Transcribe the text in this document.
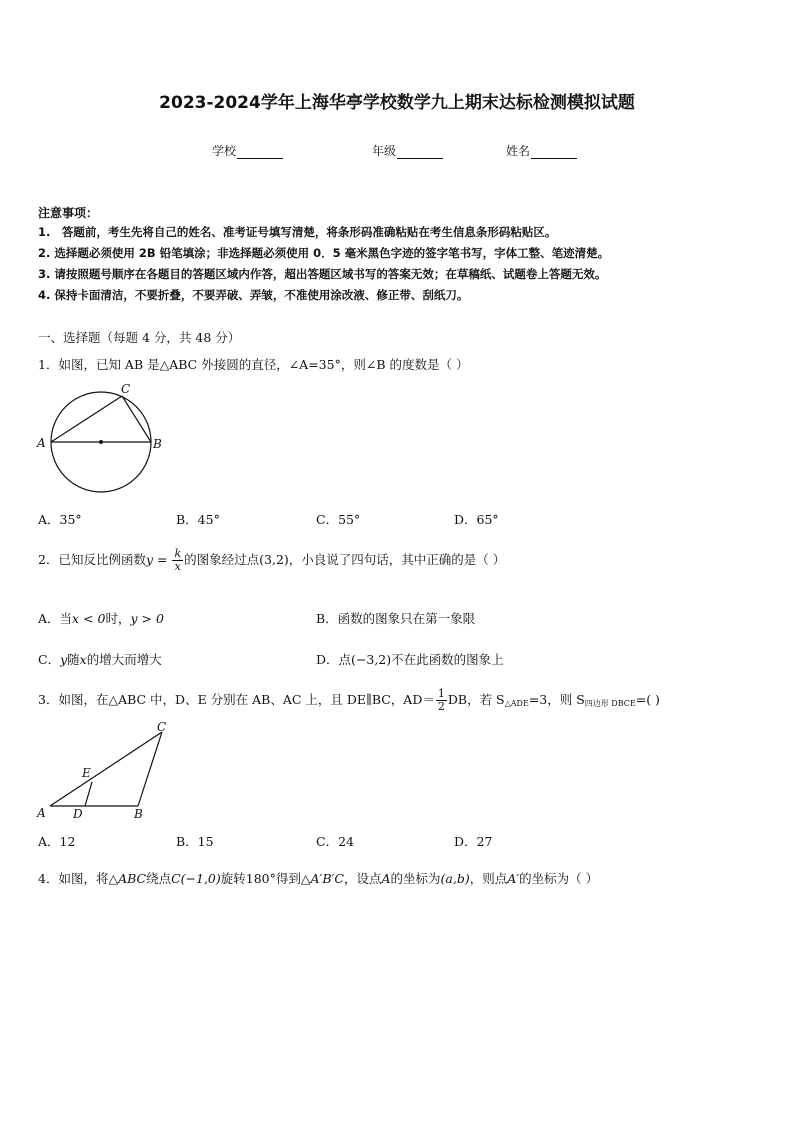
2023-2024学年上海华亭学校数学九上期末达标检测模拟试题
学校	年级	姓名
注意事项：
1.　答题前，考生先将自己的姓名、准考证号填写清楚，将条形码准确粘贴在考生信息条形码粘贴区。
2. 选择题必须使用 2B 铅笔填涂；非选择题必须使用 0．5 毫米黑色字迹的签字笔书写，字体工整、笔迹清楚。
3. 请按照题号顺序在各题目的答题区域内作答，超出答题区域书写的答案无效；在草稿纸、试题卷上答题无效。
4. 保持卡面清洁，不要折叠，不要弄破、弄皱，不准使用涂改液、修正带、刮纸刀。
一、选择题（每题 4 分，共 48 分）
1．如图，已知 AB 是△ABC 外接圆的直径，∠A=35°，则∠B 的度数是（ ）
A	B
C
A．35°	B．45°	C．55°	D．65°
2．已知反比例函数$y = \frac{k}{x}$ 的图象经过点(3,2)，小良说了四句话，其中正确的是（ ）
A．当x < 0时，y > 0	B．函数的图象只在第一象限
C．y随x的增大而增大	D．点(−3,2)不在此函数的图象上
3．如图，在△ABC 中，D、E 分别在 AB、AC 上，且 DE∥BC，$AD= \frac{1}{2}$ DB，若 $S_{\triangle ADE}=3$，则 $S_{四边形 DBCE}=$( )
A	B
C
D
E
A．12	B．15	C．24	D．27
4．如图，将△ABC绕点C(−1,0)旋转180°得到△A′B′C，设点A的坐标为(a,b)，则点A′的坐标为（ ）
